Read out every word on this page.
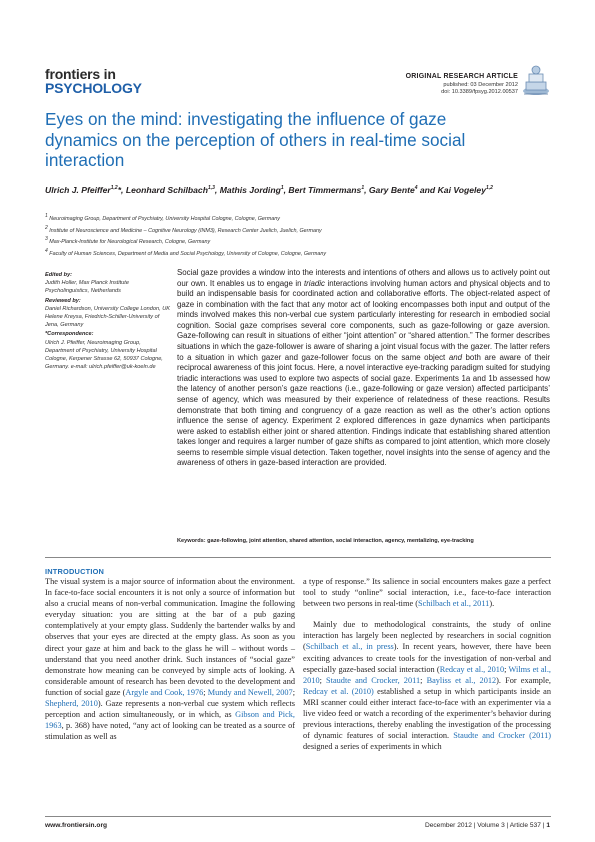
frontiers in
PSYCHOLOGY
ORIGINAL RESEARCH ARTICLE
published: 03 December 2012
doi: 10.3389/fpsyg.2012.00537
Eyes on the mind: investigating the influence of gaze dynamics on the perception of others in real-time social interaction
Ulrich J. Pfeiffer$^{1,2}$*, Leonhard Schilbach$^{1,3}$, Mathis Jording$^1$, Bert Timmermans$^1$, Gary Bente$^4$ and Kai Vogeley$^{1,2}$
$^1$ Neuroimaging Group, Department of Psychiatry, University Hospital Cologne, Cologne, Germany
$^2$ Institute of Neuroscience and Medicine – Cognitive Neurology (INM3), Research Center Juelich, Juelich, Germany
$^3$ Max-Planck-Institute for Neurological Research, Cologne, Germany
$^4$ Faculty of Human Sciences, Department of Media and Social Psychology, University of Cologne, Cologne, Germany
Edited by:
Judith Holler, Max Planck Institute Psycholinguistics, Netherlands
Reviewed by:
Daniel Richardson, University College London, UK Helene Kreysa, Friedrich-Schiller-University of Jena, Germany
*Correspondence:
Ulrich J. Pfeiffer, Neuroimaging Group, Department of Psychiatry, University Hospital Cologne, Kerpener Strasse 62, 50937 Cologne, Germany. e-mail: ulrich.pfeiffer@uk-koeln.de
Social gaze provides a window into the interests and intentions of others and allows us to actively point out our own. It enables us to engage in triadic interactions involving human actors and physical objects and to build an indispensable basis for coordinated action and collaborative efforts. The object-related aspect of gaze in combination with the fact that any motor act of looking encompasses both input and output of the minds involved makes this non-verbal cue system particularly interesting for research in embodied social cognition. Social gaze comprises several core components, such as gaze-following or gaze aversion. Gaze-following can result in situations of either “joint attention” or “shared attention.” The former describes situations in which the gaze-follower is aware of sharing a joint visual focus with the gazer. The latter refers to a situation in which gazer and gaze-follower focus on the same object and both are aware of their reciprocal awareness of this joint focus. Here, a novel interactive eye-tracking paradigm suited for studying triadic interactions was used to explore two aspects of social gaze. Experiments 1a and 1b assessed how the latency of another person’s gaze reactions (i.e., gaze-following or gaze version) affected participants’ sense of agency, which was measured by their experience of relatedness of these reactions. Results demonstrate that both timing and congruency of a gaze reaction as well as the other’s action options influence the sense of agency. Experiment 2 explored differences in gaze dynamics when participants were asked to establish either joint or shared attention. Findings indicate that establishing shared attention takes longer and requires a larger number of gaze shifts as compared to joint attention, which more closely seems to resemble simple visual detection. Taken together, novel insights into the sense of agency and the awareness of others in gaze-based interaction are provided.
Keywords: gaze-following, joint attention, shared attention, social interaction, agency, mentalizing, eye-tracking
INTRODUCTION
The visual system is a major source of information about the environment. In face-to-face social encounters it is not only a source of information but also a crucial means of non-verbal communication. Imagine the following everyday situation: you are sitting at the bar of a pub gazing contemplatively at your empty glass. Suddenly the bartender walks by and observes that your eyes are directed at the empty glass. As soon as you direct your gaze at him and back to the glass he will – without words – understand that you need another drink. Such instances of “social gaze” demonstrate how meaning can be conveyed by simple acts of looking. A considerable amount of research has been devoted to the development and function of social gaze (Argyle and Cook, 1976; Mundy and Newell, 2007; Shepherd, 2010). Gaze represents a non-verbal cue system which reflects perception and action simultaneously, or in which, as Gibson and Pick, 1963, p. 368) have noted, “any act of looking can be treated as a source of stimulation as well as
a type of response.” Its salience in social encounters makes gaze a perfect tool to study “online” social interaction, i.e., face-to-face interaction between two persons in real-time (Schilbach et al., 2011).
Mainly due to methodological constraints, the study of online interaction has largely been neglected by researchers in social cognition (Schilbach et al., in press). In recent years, however, there have been exciting advances to create tools for the investigation of non-verbal and especially gaze-based social interaction (Redcay et al., 2010; Wilms et al., 2010; Staudte and Crocker, 2011; Bayliss et al., 2012). For example, Redcay et al. (2010) established a setup in which participants inside an MRI scanner could either interact face-to-face with an experimenter via a live video feed or watch a recording of the experimenter’s behavior during previous interactions, thereby enabling the investigation of the processing of dynamic features of social interaction. Staudte and Crocker (2011) designed a series of experiments in which
www.frontiersin.org	December 2012 | Volume 3 | Article 537 | 1
